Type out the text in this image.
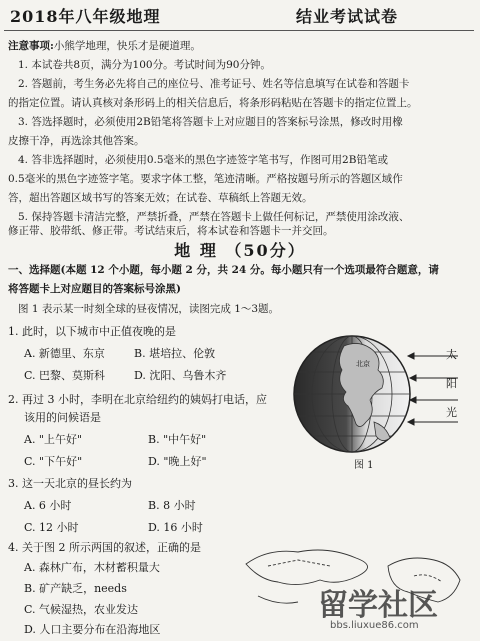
2018年八年级地理	结业考试试卷
注意事项:小熊学地理，快乐才是硬道理。
1. 本试卷共8页，满分为100分。考试时间为90分钟。
2. 答题前，考生务必先将自己的座位号、准考证号、姓名等信息填写在试卷和答题卡
的指定位置。请认真核对条形码上的相关信息后，将条形码粘贴在答题卡的指定位置上。
3. 答选择题时，必须使用2B铅笔将答题卡上对应题目的答案标号涂黑，修改时用橡
皮擦干净，再选涂其他答案。
4. 答非选择题时，必须使用0.5毫米的黑色字迹签字笔书写，作图可用2B铅笔或
0.5毫米的黑色字迹签字笔。要求字体工整，笔迹清晰。严格按题号所示的答题区域作
答，超出答题区域书写的答案无效；在试卷、草稿纸上答题无效。
5. 保持答题卡清洁完整，严禁折叠，严禁在答题卡上做任何标记，严禁使用涂改液、
修正带、胶带纸、修正带。考试结束后，将本试卷和答题卡一并交回。
地 理 （50分）
一、选择题(本题 12 个小题，每小题 2 分，共 24 分。每小题只有一个选项最符合题意，请
将答题卡上对应题目的答案标号涂黑)
图 1 表示某一时刻全球的昼夜情况，读图完成 1～3题。
1. 此时，以下城市中正值夜晚的是
A. 新德里、东京	B. 堪培拉、伦敦
C. 巴黎、莫斯科	D. 沈阳、乌鲁木齐
2. 再过 3 小时，李明在北京给纽约的姨妈打电话，应
该用的问候语是
A. "上午好"	B. "中午好"
C. "下午好"	D. "晚上好"
3. 这一天北京的昼长约为
A. 6 小时	B. 8 小时
C. 12 小时	D. 16 小时
4. 关于图 2 所示两国的叙述，正确的是
A. 森林广布，木材蓄积量大
B. 矿产缺乏，needs
C. 气候湿热，农业发达
D. 人口主要分布在沿海地区
北京
太
阳
光
图 1
留学社区
bbs.liuxue86.com
